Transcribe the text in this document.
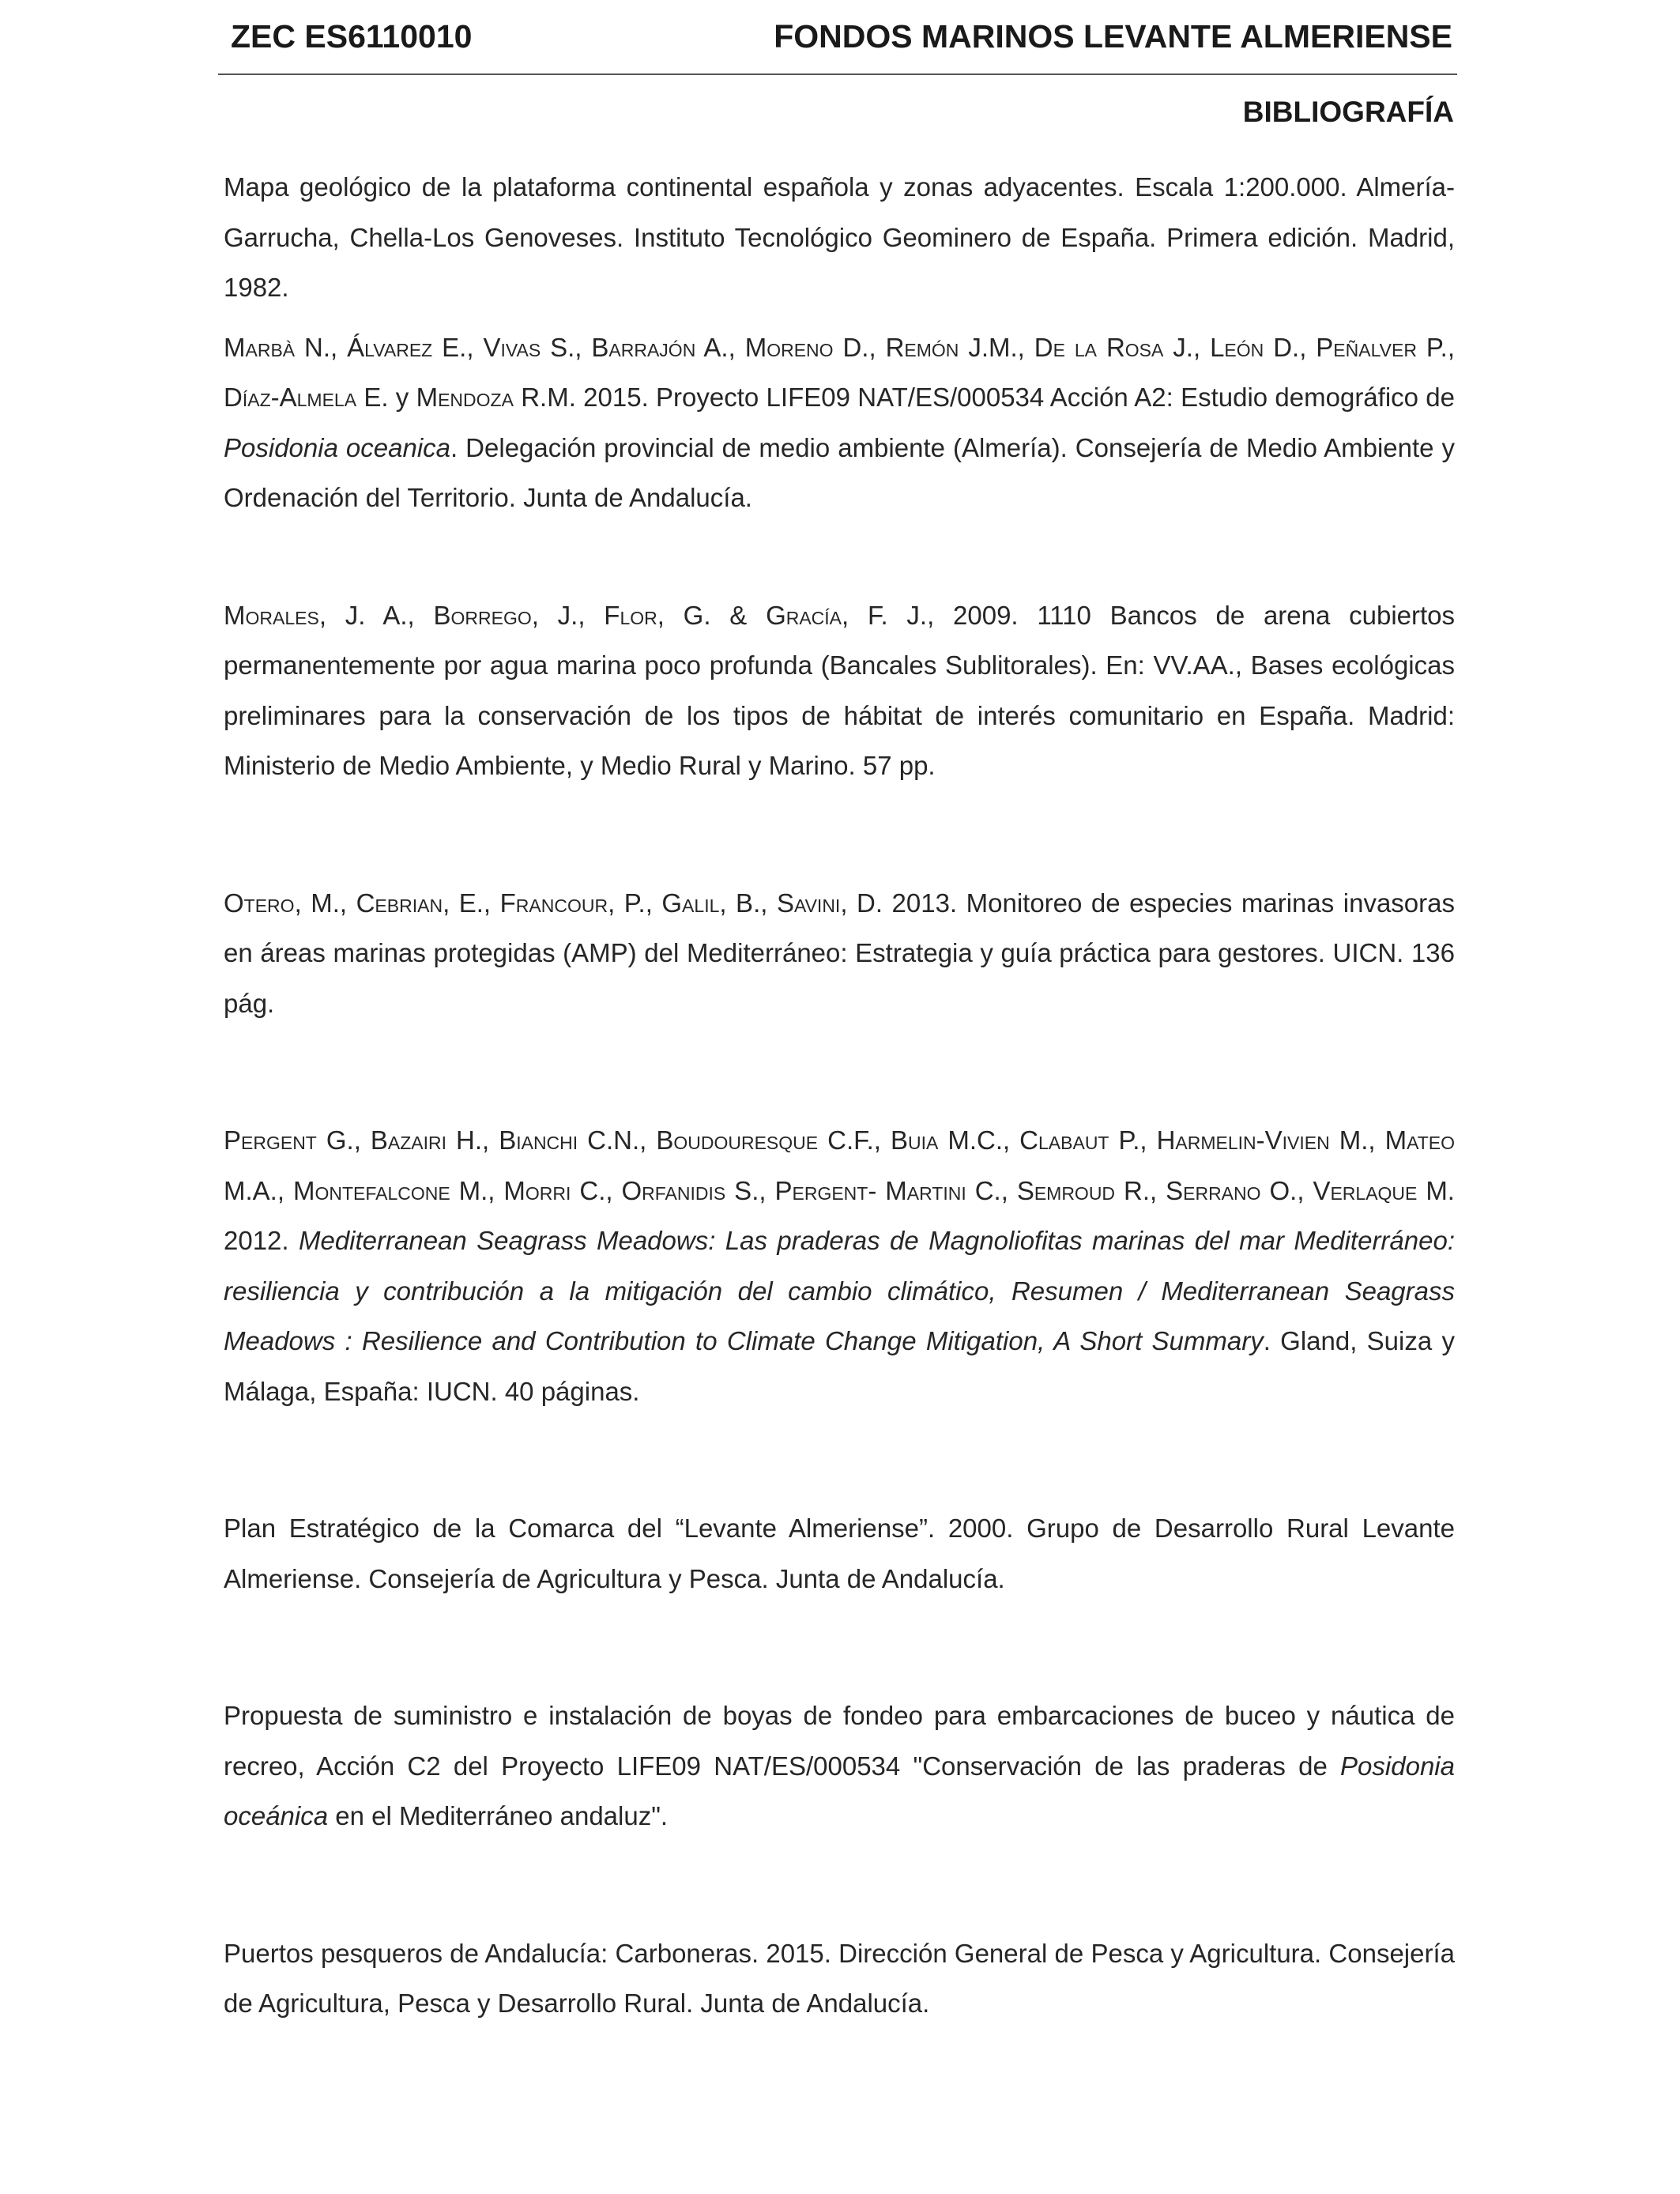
ZEC ES6110010	FONDOS MARINOS LEVANTE ALMERIENSE
BIBLIOGRAFÍA

Mapa geológico de la plataforma continental española y zonas adyacentes. Escala 1:200.000. Almería-Garrucha, Chella-Los Genoveses. Instituto Tecnológico Geominero de España. Primera edición. Madrid, 1982.

Marbà N., Álvarez E., Vivas S., Barrajón A., Moreno D., Remón J.M., De la Rosa J., León D., Peñalver P., Díaz-Almela E. y Mendoza R.M. 2015. Proyecto LIFE09 NAT/ES/000534 Acción A2: Estudio demográfico de Posidonia oceanica. Delegación provincial de medio ambiente (Almería). Consejería de Medio Ambiente y Ordenación del Territorio. Junta de Andalucía.

Morales, J. A., Borrego, J., Flor, G. & Gracía, F. J., 2009. 1110 Bancos de arena cubiertos permanentemente por agua marina poco profunda (Bancales Sublitorales). En: VV.AA., Bases ecológicas preliminares para la conservación de los tipos de hábitat de interés comunitario en España. Madrid: Ministerio de Medio Ambiente, y Medio Rural y Marino. 57 pp.

Otero, M., Cebrian, E., Francour, P., Galil, B., Savini, D. 2013. Monitoreo de especies marinas invasoras en áreas marinas protegidas (AMP) del Mediterráneo: Estrategia y guía práctica para gestores. UICN. 136 pág.

Pergent G., Bazairi H., Bianchi C.N., Boudouresque C.F., Buia M.C., Clabaut P., Harmelin-Vivien M., Mateo M.A., Montefalcone M., Morri C., Orfanidis S., Pergent- Martini C., Semroud R., Serrano O., Verlaque M. 2012. Mediterranean Seagrass Meadows: Las praderas de Magnoliofitas marinas del mar Mediterráneo: resiliencia y contribución a la mitigación del cambio climático, Resumen / Mediterranean Seagrass Meadows : Resilience and Contribution to Climate Change Mitigation, A Short Summary. Gland, Suiza y Málaga, España: IUCN. 40 páginas.

Plan Estratégico de la Comarca del “Levante Almeriense”. 2000. Grupo de Desarrollo Rural Levante Almeriense. Consejería de Agricultura y Pesca. Junta de Andalucía.

Propuesta de suministro e instalación de boyas de fondeo para embarcaciones de buceo y náutica de recreo, Acción C2 del Proyecto LIFE09 NAT/ES/000534 "Conservación de las praderas de Posidonia oceánica en el Mediterráneo andaluz".

Puertos pesqueros de Andalucía: Carboneras. 2015. Dirección General de Pesca y Agricultura. Consejería de Agricultura, Pesca y Desarrollo Rural. Junta de Andalucía.
